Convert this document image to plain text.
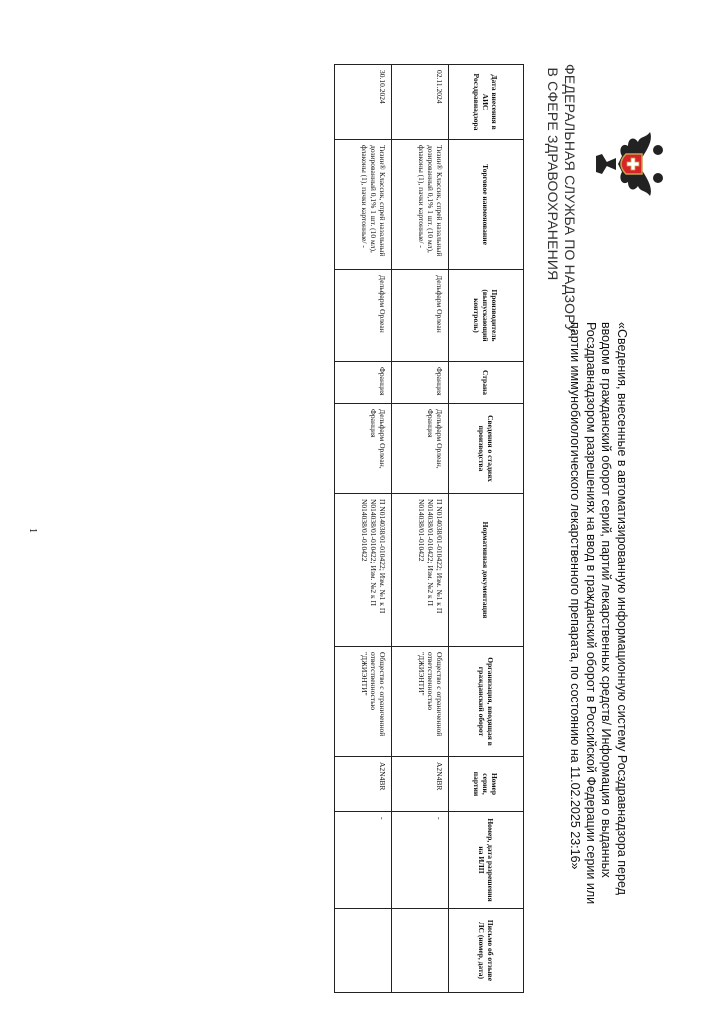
ФЕДЕРАЛЬНАЯ СЛУЖБА ПО НАДЗОРУ
В СФЕРЕ ЗДРАВООХРАНЕНИЯ
«Сведения, внесенные в автоматизированную информационную систему Росздравнадзора перед вводом в гражданский оборот серий, партий лекарственных средств/ Информация о выданных Росздравнадзором разрешениях на ввод в гражданский оборот в Российской Федерации серии или партии иммунобиологического лекарственного препарата, по состоянию на 11.02.2025 23:16»
Дата внесения в АИС Росздравнадзора	Торговое наименование	Производитель (выпускающий контроль)	Страна	Сведения о стадиях производства	Нормативная документация	Организация, вводящая в гражданский оборот	Номер серии, партии	Номер, дата разрешения на ИЛП	Письмо об отзыве ЛС (номер, дата)
02.11.2024	Тизин® Классик, спрей назальный дозированный 0,1% 1 шт. (10 мл), флаконы (1), пачки картонные/ -	Дельфарм Орлеан	Франция	Дельфарм Орлеан, Франция	П N014038/01-010422; Изм. №1 к П N014038/01-010422; Изм. №2 к П N014038/01-010422	Общество с ограниченной ответственностью "ДЖИЭНТИ"	A2N4BR	-	
30.10.2024	Тизин® Классик, спрей назальный дозированный 0,1% 1 шт. (10 мл), флаконы (1), пачки картонные/ -	Дельфарм Орлеан	Франция	Дельфарм Орлеан, Франция	П N014038/01-010422; Изм. №1 к П N014038/01-010422; Изм. №2 к П N014038/01-010422	Общество с ограниченной ответственностью "ДЖИЭНТИ"	A2N4BR	-	
1
